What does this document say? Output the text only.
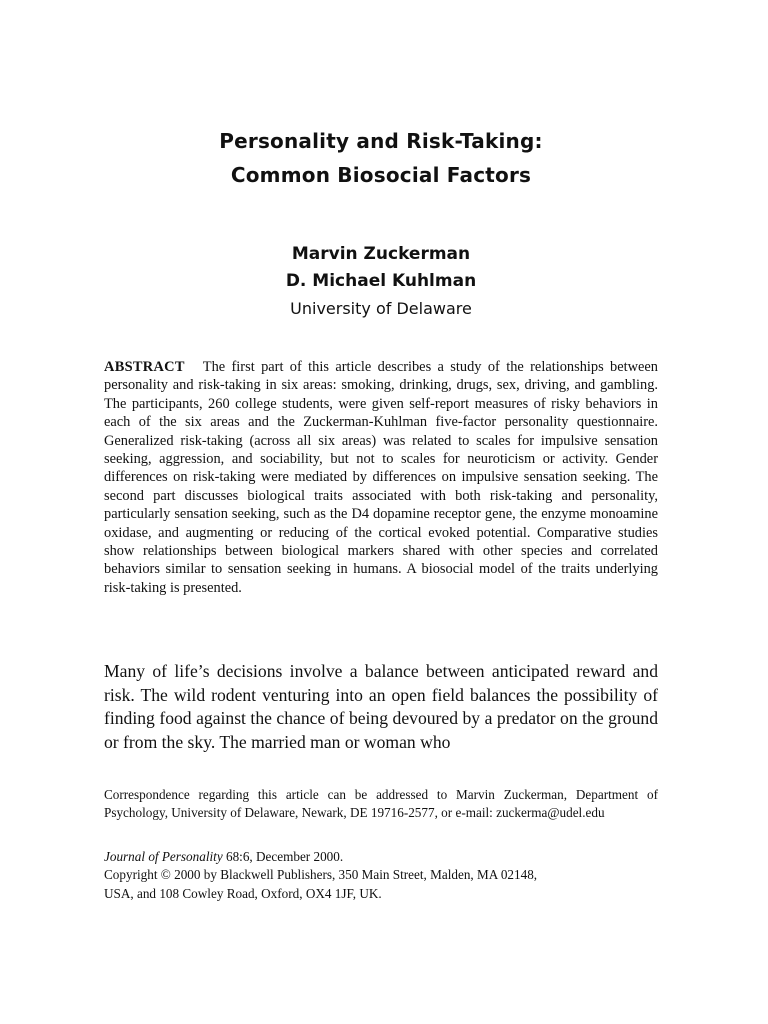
Personality and Risk-Taking:
Common Biosocial Factors
Marvin Zuckerman
D. Michael Kuhlman
University of Delaware

ABSTRACT The first part of this article describes a study of the relationships between personality and risk-taking in six areas: smoking, drinking, drugs, sex, driving, and gambling. The participants, 260 college students, were given self-report measures of risky behaviors in each of the six areas and the Zuckerman-Kuhlman five-factor personality questionnaire. Generalized risk-taking (across all six areas) was related to scales for impulsive sensation seeking, aggression, and sociability, but not to scales for neuroticism or activity. Gender differences on risk-taking were mediated by differences on impulsive sensation seeking. The second part discusses biological traits associated with both risk-taking and personality, particularly sensation seeking, such as the D4 dopamine receptor gene, the enzyme monoamine oxidase, and augmenting or reducing of the cortical evoked potential. Comparative studies show relationships between biological markers shared with other species and correlated behaviors similar to sensation seeking in humans. A biosocial model of the traits underlying risk-taking is presented.

Many of life’s decisions involve a balance between anticipated reward and risk. The wild rodent venturing into an open field balances the possibility of finding food against the chance of being devoured by a predator on the ground or from the sky. The married man or woman who

Correspondence regarding this article can be addressed to Marvin Zuckerman, Department of Psychology, University of Delaware, Newark, DE 19716-2577, or e-mail: zuckerma@udel.edu

Journal of Personality 68:6, December 2000.
Copyright © 2000 by Blackwell Publishers, 350 Main Street, Malden, MA 02148,
USA, and 108 Cowley Road, Oxford, OX4 1JF, UK.
